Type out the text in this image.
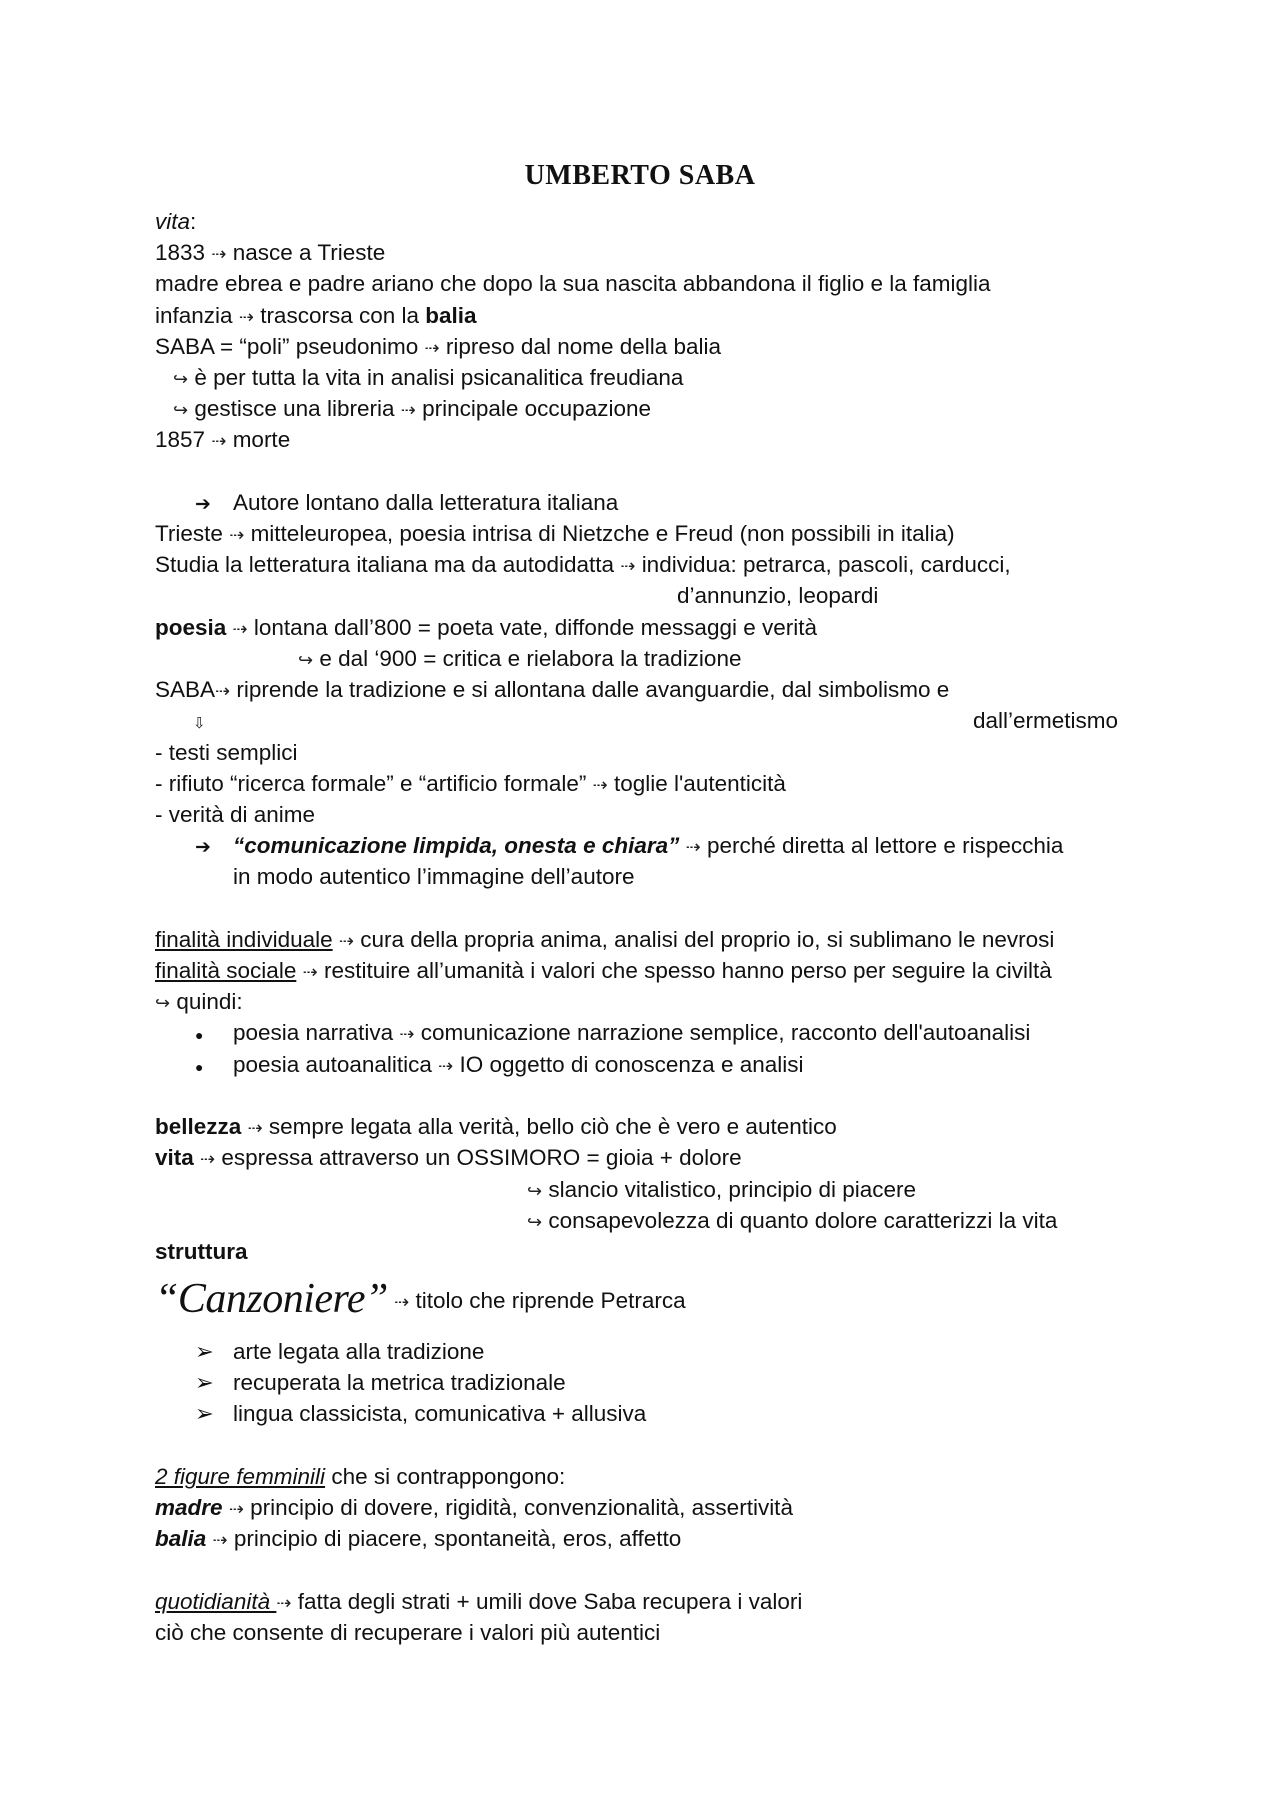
UMBERTO SABA
vita:
1833 ⇢ nasce a Trieste
madre ebrea e padre ariano che dopo la sua nascita abbandona il figlio e la famiglia
infanzia ⇢ trascorsa con la balia
SABA = “poli” pseudonimo ⇢ ripreso dal nome della balia
↪ è per tutta la vita in analisi psicanalitica freudiana
↪ gestisce una libreria ⇢ principale occupazione
1857 ⇢ morte
➔ Autore lontano dalla letteratura italiana
Trieste ⇢ mitteleuropea, poesia intrisa di Nietzche e Freud (non possibili in italia)
Studia la letteratura italiana ma da autodidatta ⇢ individua: petrarca, pascoli, carducci,
d’annunzio, leopardi
poesia ⇢ lontana dall’800 = poeta vate, diffonde messaggi e verità
↪ e dal ‘900 = critica e rielabora la tradizione
SABA⇢ riprende la tradizione e si allontana dalle avanguardie, dal simbolismo e
⇩	dall’ermetismo
- testi semplici
- rifiuto “ricerca formale” e “artificio formale” ⇢ toglie l'autenticità
- verità di anime
➔ “comunicazione limpida, onesta e chiara” ⇢ perché diretta al lettore e rispecchia
in modo autentico l’immagine dell’autore
finalità individuale ⇢ cura della propria anima, analisi del proprio io, si sublimano le nevrosi
finalità sociale ⇢ restituire all’umanità i valori che spesso hanno perso per seguire la civiltà
↪ quindi:
● poesia narrativa ⇢ comunicazione narrazione semplice, racconto dell'autoanalisi
● poesia autoanalitica ⇢ IO oggetto di conoscenza e analisi
bellezza ⇢ sempre legata alla verità, bello ciò che è vero e autentico
vita ⇢ espressa attraverso un OSSIMORO = gioia + dolore
↪ slancio vitalistico, principio di piacere
↪ consapevolezza di quanto dolore caratterizzi la vita
struttura
“Canzoniere” ⇢ titolo che riprende Petrarca
➢ arte legata alla tradizione
➢ recuperata la metrica tradizionale
➢ lingua classicista, comunicativa + allusiva
2 figure femminili che si contrappongono:
madre ⇢ principio di dovere, rigidità, convenzionalità, assertività
balia ⇢ principio di piacere, spontaneità, eros, affetto
quotidianità ⇢ fatta degli strati + umili dove Saba recupera i valori
ciò che consente di recuperare i valori più autentici
